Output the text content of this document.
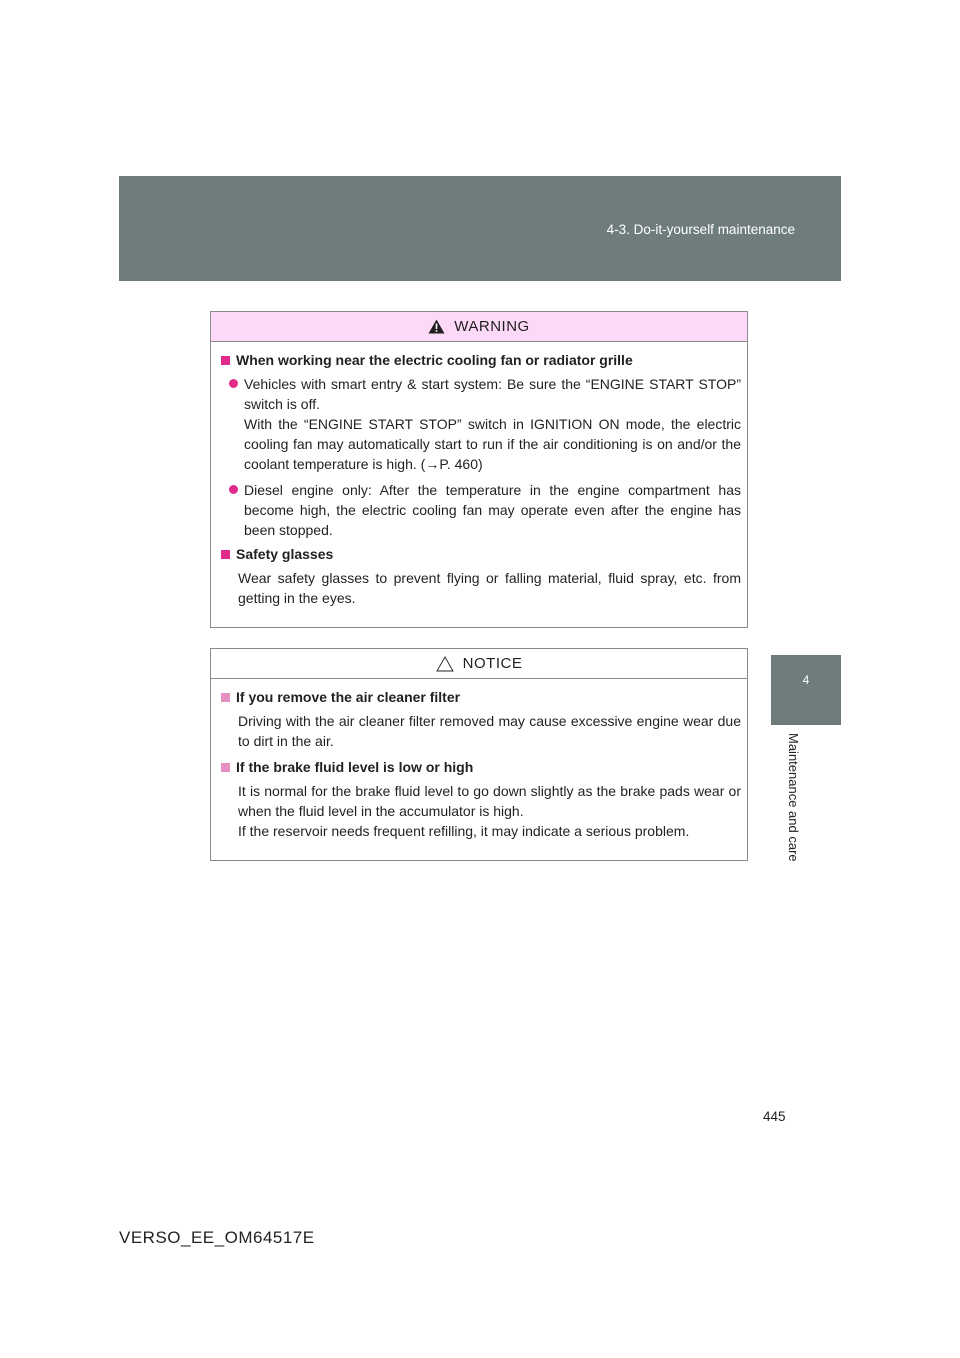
4-3. Do-it-yourself maintenance
4
Maintenance and care
WARNING
When working near the electric cooling fan or radiator grille
Vehicles with smart entry & start system: Be sure the “ENGINE START STOP” switch is off.
With the “ENGINE START STOP” switch in IGNITION ON mode, the electric cooling fan may automatically start to run if the air conditioning is on and/or the coolant temperature is high. (→P. 460)
Diesel engine only: After the temperature in the engine compartment has become high, the electric cooling fan may operate even after the engine has been stopped.
Safety glasses
Wear safety glasses to prevent flying or falling material, fluid spray, etc. from getting in the eyes.
NOTICE
If you remove the air cleaner filter
Driving with the air cleaner filter removed may cause excessive engine wear due to dirt in the air.
If the brake fluid level is low or high
It is normal for the brake fluid level to go down slightly as the brake pads wear or when the fluid level in the accumulator is high.
If the reservoir needs frequent refilling, it may indicate a serious problem.
445
VERSO_EE_OM64517E
